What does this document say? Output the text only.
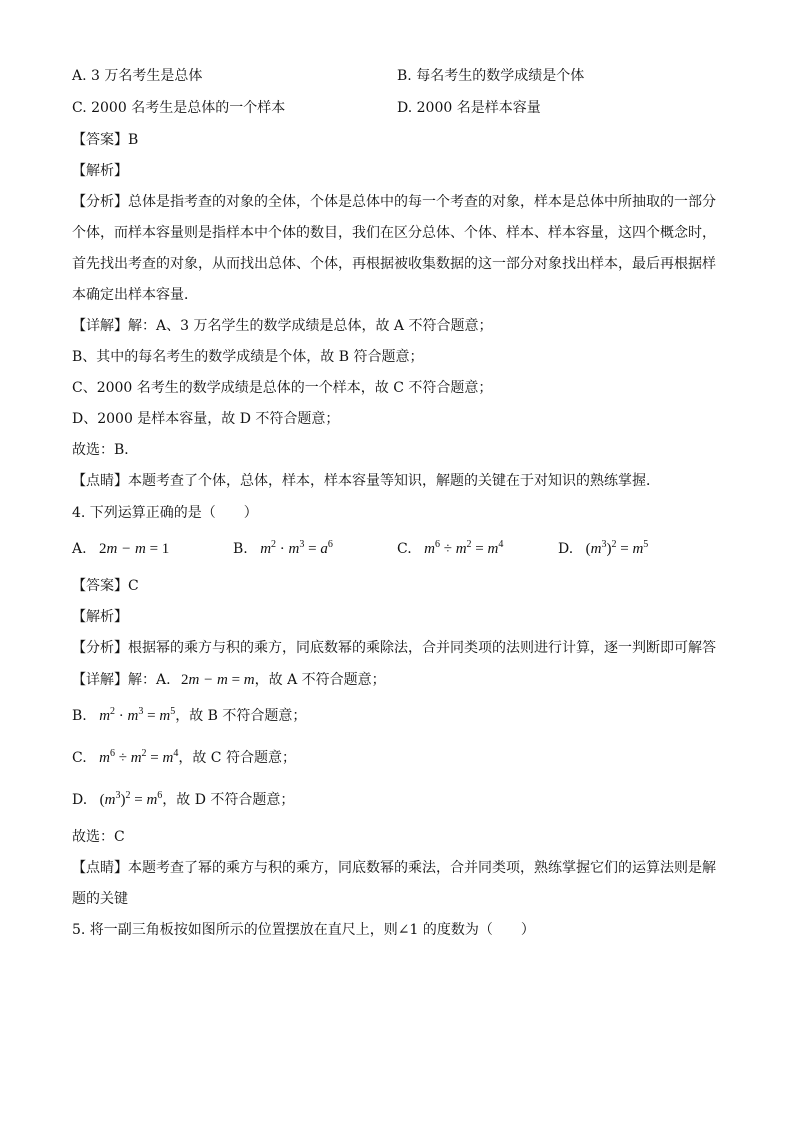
A. 3 万名考生是总体	B. 每名考生的数学成绩是个体
C. 2000 名考生是总体的一个样本	D. 2000 名是样本容量
【答案】B
【解析】
【分析】总体是指考查的对象的全体，个体是总体中的每一个考查的对象，样本是总体中所抽取的一部分
个体，而样本容量则是指样本中个体的数目，我们在区分总体、个体、样本、样本容量，这四个概念时，
首先找出考查的对象，从而找出总体、个体，再根据被收集数据的这一部分对象找出样本，最后再根据样
本确定出样本容量．
【详解】解：A、3 万名学生的数学成绩是总体，故 A 不符合题意；
B、其中的每名考生的数学成绩是个体，故 B 符合题意；
C、2000 名考生的数学成绩是总体的一个样本，故 C 不符合题意；
D、2000 是样本容量，故 D 不符合题意；
故选：B．
【点睛】本题考查了个体，总体，样本，样本容量等知识，解题的关键在于对知识的熟练掌握．
4. 下列运算正确的是（　　）
A. 2m − m = 1	B. $m^2 \cdot m^3 = a^6$	C. $m^6 \div m^2 = m^4$	D. $(m^3)^2 = m^5$
【答案】C
【解析】
【分析】根据幂的乘方与积的乘方，同底数幂的乘除法，合并同类项的法则进行计算，逐一判断即可解答
【详解】解：A. 2m − m = m，故 A 不符合题意；
B. $m^2 \cdot m^3 = m^5$，故 B 不符合题意；
C. $m^6 \div m^2 = m^4$，故 C 符合题意；
D. $(m^3)^2 = m^6$，故 D 不符合题意；
故选：C
【点睛】本题考查了幂的乘方与积的乘方，同底数幂的乘法，合并同类项，熟练掌握它们的运算法则是解
题的关键
5. 将一副三角板按如图所示的位置摆放在直尺上，则∠1 的度数为（　　）
